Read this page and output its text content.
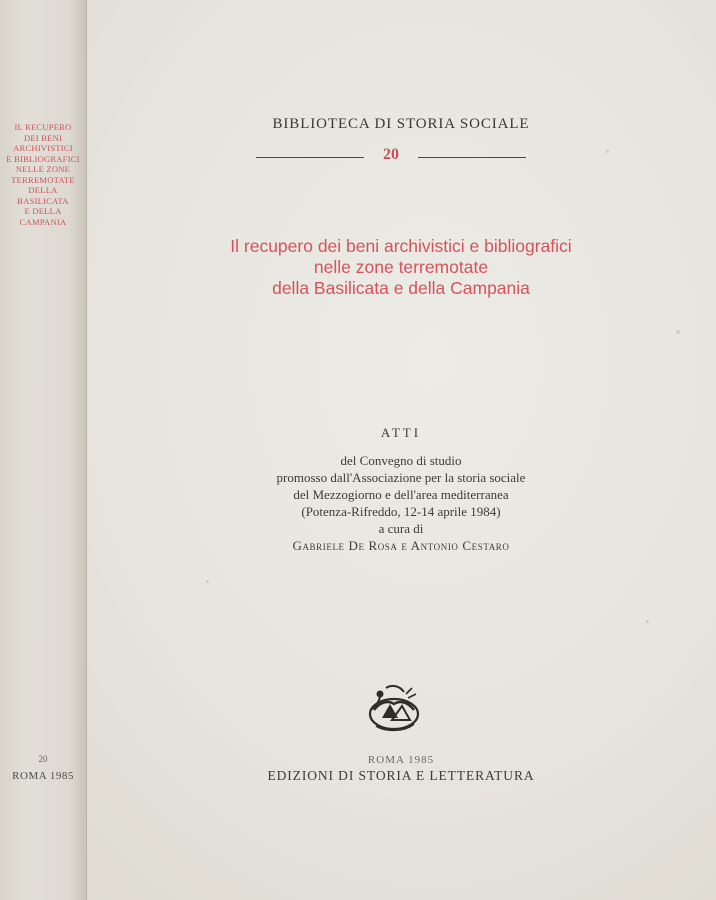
IL RECUPERO
DEI BENI
ARCHIVISTICI
E BIBLIOGRAFICI
NELLE ZONE
TERREMOTATE
DELLA
BASILICATA
E DELLA
CAMPANIA
20
ROMA 1985
BIBLIOTECA DI STORIA SOCIALE
20
Il recupero dei beni archivistici e bibliografici
nelle zone terremotate
della Basilicata e della Campania
ATTI
del Convegno di studio
promosso dall'Associazione per la storia sociale
del Mezzogiorno e dell'area mediterranea
(Potenza-Rifreddo, 12-14 aprile 1984)
a cura di
Gabriele De Rosa e Antonio Cestaro
ROMA 1985
EDIZIONI DI STORIA E LETTERATURA
